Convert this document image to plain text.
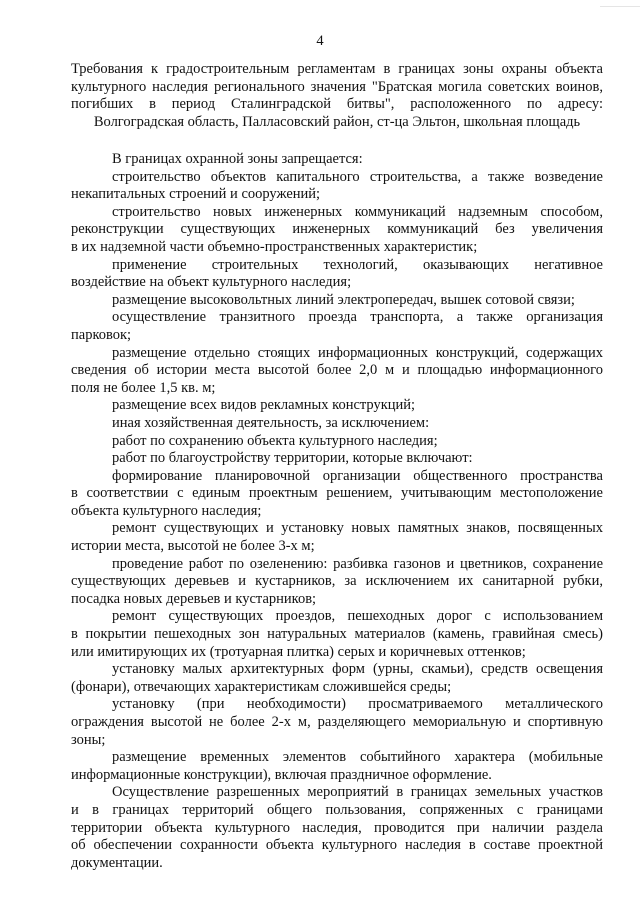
4
Требования к градостроительным регламентам в границах зоны охраны объекта
культурного наследия регионального значения "Братская могила советских воинов,
погибших в период Сталинградской битвы", расположенного по адресу:
Волгоградская область, Палласовский район, ст-ца Эльтон, школьная площадь
В границах охранной зоны запрещается:
строительство объектов капитального строительства, а также возведение
некапитальных строений и сооружений;
строительство новых инженерных коммуникаций надземным способом,
реконструкции существующих инженерных коммуникаций без увеличения
в их надземной части объемно-пространственных характеристик;
применение строительных технологий, оказывающих негативное
воздействие на объект культурного наследия;
размещение высоковольтных линий электропередач, вышек сотовой связи;
осуществление транзитного проезда транспорта, а также организация
парковок;
размещение отдельно стоящих информационных конструкций, содержащих
сведения об истории места высотой более 2,0 м и площадью информационного
поля не более 1,5 кв. м;
размещение всех видов рекламных конструкций;
иная хозяйственная деятельность, за исключением:
работ по сохранению объекта культурного наследия;
работ по благоустройству территории, которые включают:
формирование планировочной организации общественного пространства
в соответствии с единым проектным решением, учитывающим местоположение
объекта культурного наследия;
ремонт существующих и установку новых памятных знаков, посвященных
истории места, высотой не более 3-х м;
проведение работ по озеленению: разбивка газонов и цветников, сохранение
существующих деревьев и кустарников, за исключением их санитарной рубки,
посадка новых деревьев и кустарников;
ремонт существующих проездов, пешеходных дорог с использованием
в покрытии пешеходных зон натуральных материалов (камень, гравийная смесь)
или имитирующих их (тротуарная плитка) серых и коричневых оттенков;
установку малых архитектурных форм (урны, скамьи), средств освещения
(фонари), отвечающих характеристикам сложившейся среды;
установку (при необходимости) просматриваемого металлического
ограждения высотой не более 2-х м, разделяющего мемориальную и спортивную
зоны;
размещение временных элементов событийного характера (мобильные
информационные конструкции), включая праздничное оформление.
Осуществление разрешенных мероприятий в границах земельных участков
и в границах территорий общего пользования, сопряженных с границами
территории объекта культурного наследия, проводится при наличии раздела
об обеспечении сохранности объекта культурного наследия в составе проектной
документации.
